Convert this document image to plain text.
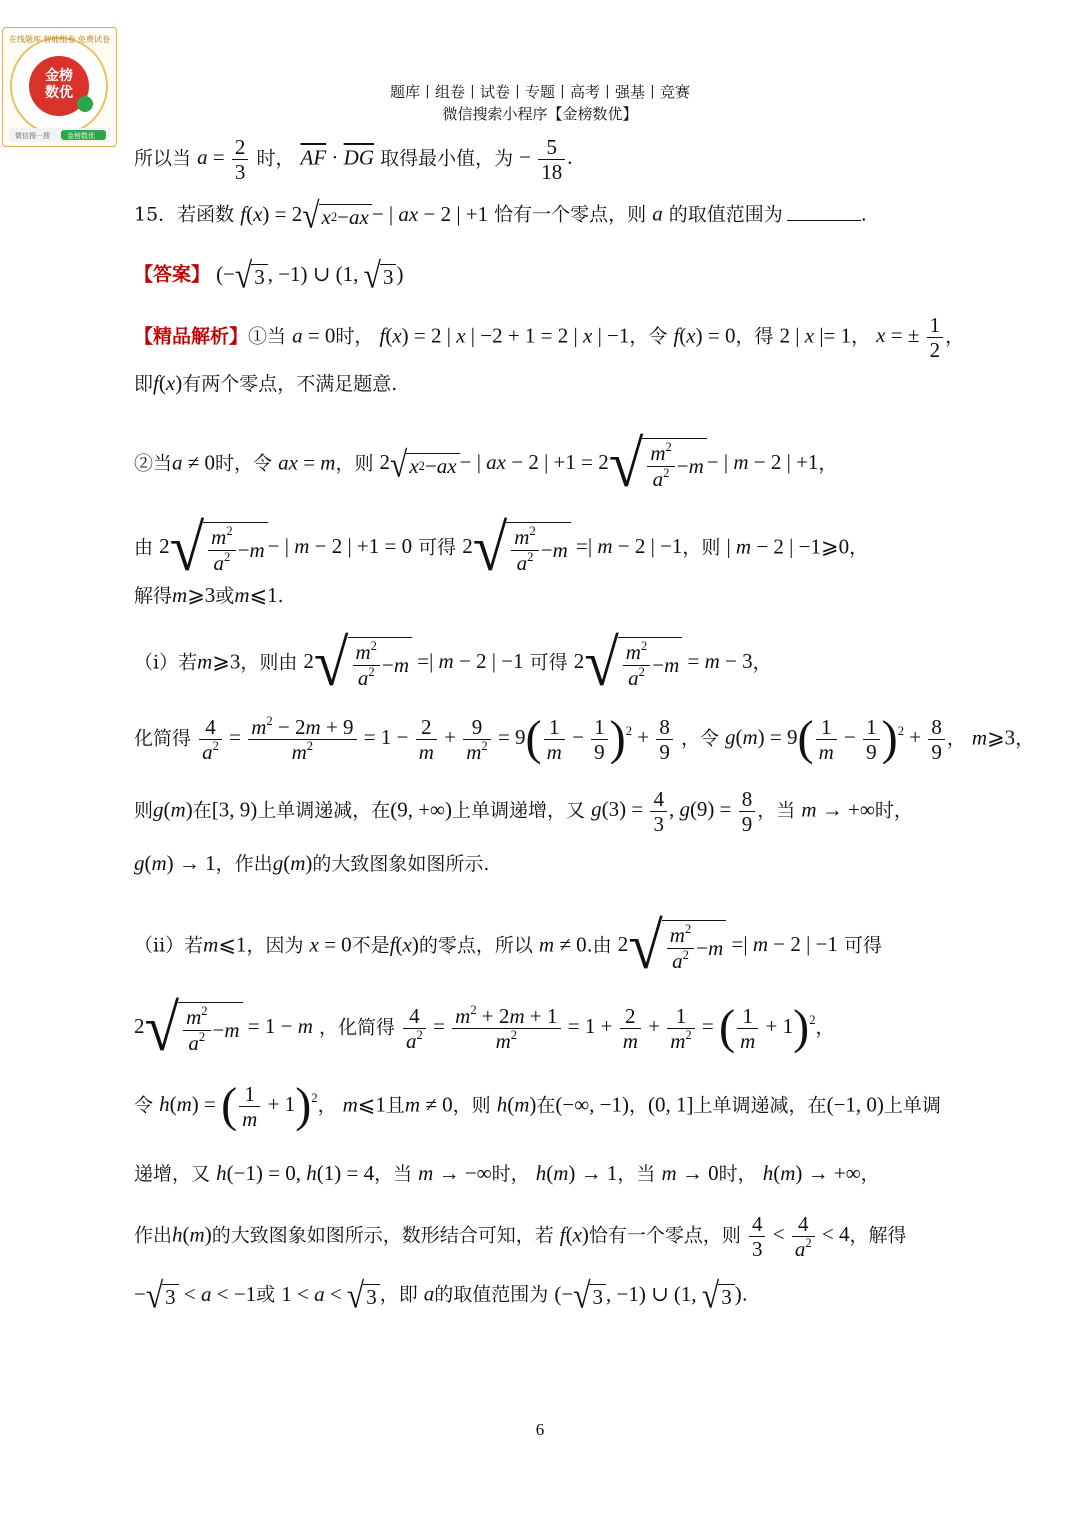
在线题库 智能组卷 免费试卷
金榜
数优
微信搜一搜 金榜数优
题库丨组卷丨试卷丨专题丨高考丨强基丨竞赛
微信搜索小程序【金榜数优】
所以当 $a = \frac{2}{3}$ 时， $\overline{AF} \cdot \overline{DG}$ 取得最小值，为 − $\frac{5}{18}$ .
15．若函数 f(x) = 2 √ x 2 − ax − | ax − 2 | +1 恰有一个零点，则 a 的取值范围为	.
【答案】 (− √ 3 , −1) ∪ (1, √ 3 )
【精品解析】①当 a = 0时， f(x) = 2 | x | −2 + 1 = 2 | x | −1，令 f(x) = 0，得 2 | x |= 1， x = ± $\frac{1}{2}$ ，
即f(x)有两个零点，不满足题意.
②当a ≠ 0时，令 ax = m，则 2 √ x 2 − ax − | ax − 2 | +1 = 2 √ $\frac{m^2}{a^2} - m$ − | m − 2 | +1，
由 2 √ $\frac{m^2}{a^2} - m$ − | m − 2 | +1 = 0 可得 2 √ $\frac{m^2}{a^2} - m$ =| m − 2 | −1，则 | m − 2 | −1⩾0，
解得m⩾3或m⩽1.
（i）若m⩾3，则由 2 √ $\frac{m^2}{a^2} - m$ =| m − 2 | −1 可得 2 √ $\frac{m^2}{a^2} - m = m - 3$，
化简得 $\frac{4}{a^2} = \frac{m^2 - 2m + 9}{m^2} = 1 - \frac{2}{m} + \frac{9}{m^2} = 9( \frac{1}{m} - \frac{1}{9} )^2 + \frac{8}{9}$ ，令 $g(m) = 9( \frac{1}{m} - \frac{1}{9} )^2 + \frac{8}{9}$ ， m⩾3，
则g(m)在[3, 9)上单调递减，在(9, +∞)上单调递增，又 $g(3) = \frac{4}{3}$ , $g(9) = \frac{8}{9}$ ，当 m → +∞时，
g(m) → 1，作出g(m)的大致图象如图所示.
（ii）若m⩽1，因为 x = 0不是f(x)的零点，所以 m ≠ 0.由 2 √ $\frac{m^2}{a^2} - m$ =| m − 2 | −1 可得
2 √ $\frac{m^2}{a^2} - m = 1 - m$ ，化简得 $\frac{4}{a^2} = \frac{m^2 + 2m + 1}{m^2} = 1 + \frac{2}{m} + \frac{1}{m^2}$ = ( $\frac{1}{m} + 1)^2$，
令 h(m) = ( $\frac{1}{m} + 1)^2$， m⩽1且m ≠ 0，则 h(m)在(−∞, −1)，(0, 1]上单调递减，在(−1, 0)上单调
递增，又 h(−1) = 0, h(1) = 4，当 m → −∞时， h(m) → 1，当 m → 0时， h(m) → +∞，
作出h(m)的大致图象如图所示，数形结合可知，若 f(x)恰有一个零点，则 $\frac{4}{3} < \frac{4}{a^2} < 4$，解得
− √ 3 < a < −1或 1 < a < √ 3 ，即 a的取值范围为 (− √ 3 , −1) ∪ (1, √ 3 ).
6
